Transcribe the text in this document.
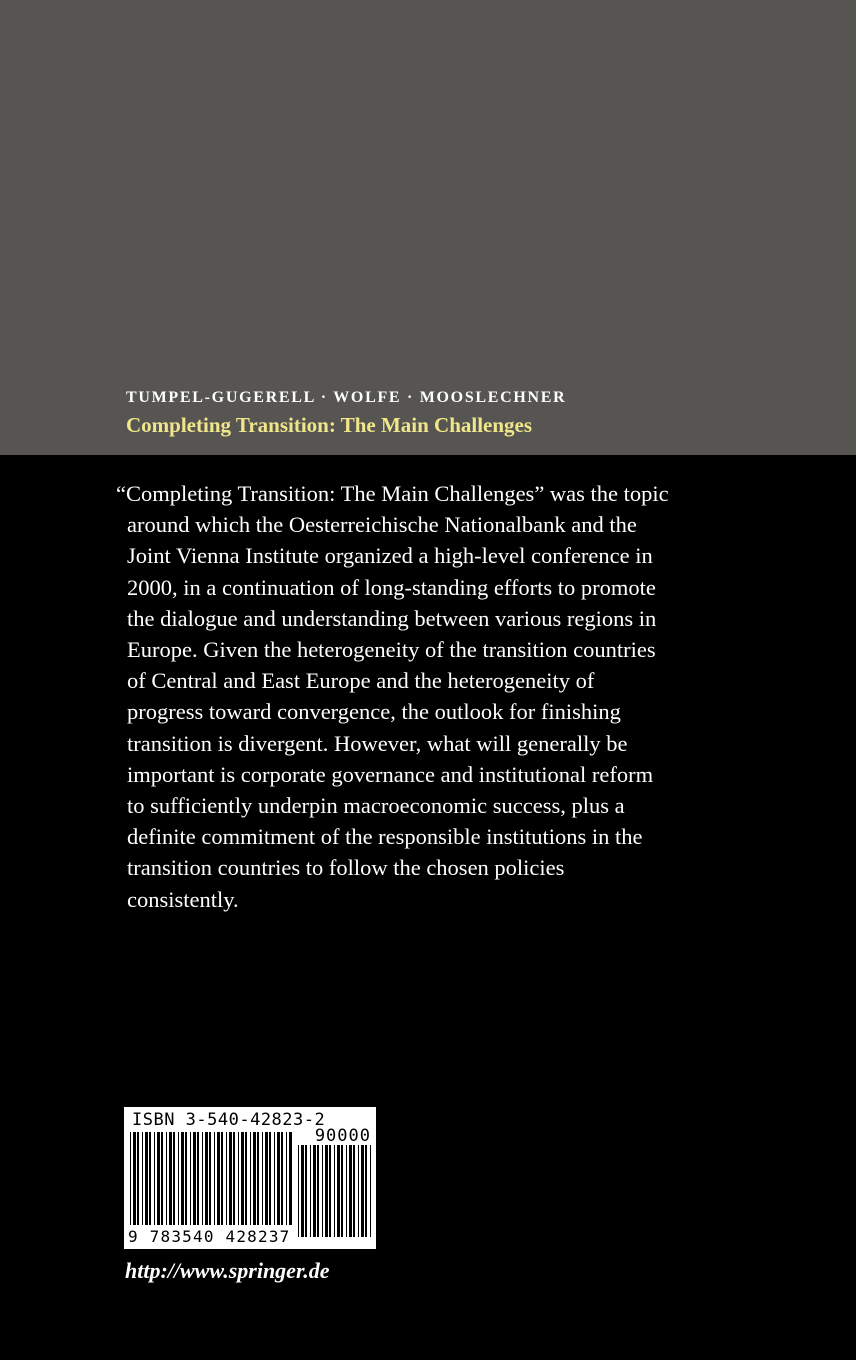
TUMPEL-GUGERELL · WOLFE · MOOSLECHNER
Completing Transition: The Main Challenges
“Completing Transition: The Main Challenges” was the topic
around which the Oesterreichische Nationalbank and the
Joint Vienna Institute organized a high-level conference in
2000, in a continuation of long-standing efforts to promote
the dialogue and understanding between various regions in
Europe. Given the heterogeneity of the transition countries
of Central and East Europe and the heterogeneity of
progress toward convergence, the outlook for finishing
transition is divergent. However, what will generally be
important is corporate governance and institutional reform
to sufficiently underpin macroeconomic success, plus a
definite commitment of the responsible institutions in the
transition countries to follow the chosen policies
consistently.
ISBN 3-540-42823-2
90000
9 783540 428237
http://www.springer.de
